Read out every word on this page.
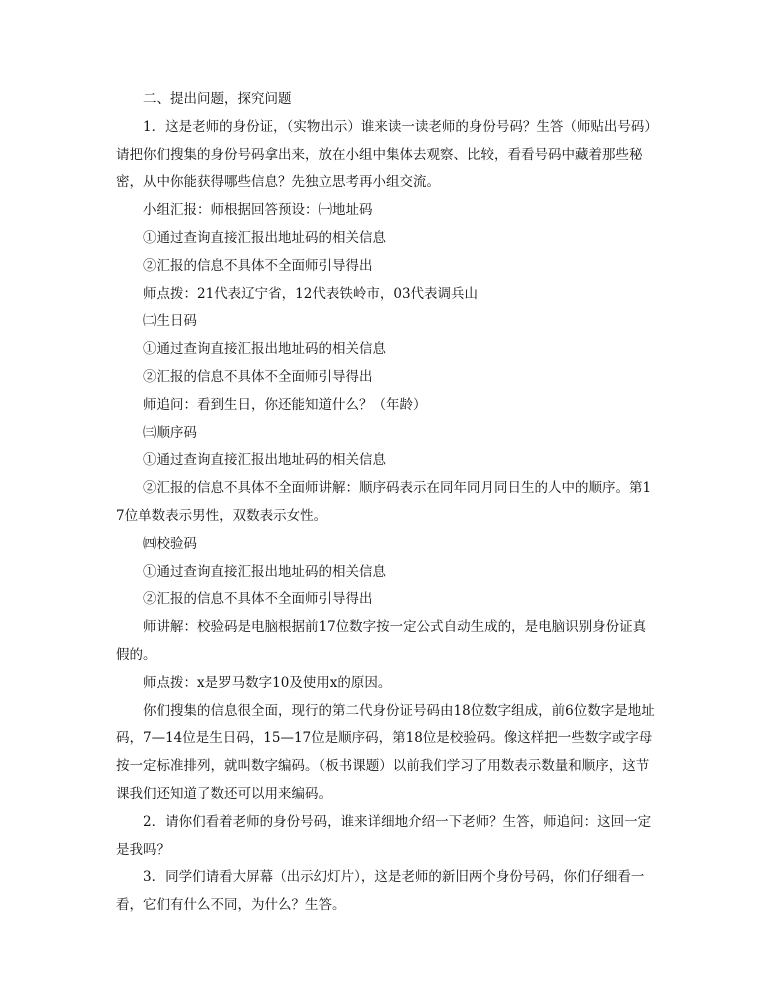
二、提出问题，探究问题

1．这是老师的身份证，（实物出示）谁来读一读老师的身份号码？生答（师贴出号码）请把你们搜集的身份号码拿出来，放在小组中集体去观察、比较，看看号码中藏着那些秘密，从中你能获得哪些信息？先独立思考再小组交流。

小组汇报：师根据回答预设：㈠地址码

①通过查询直接汇报出地址码的相关信息

②汇报的信息不具体不全面师引导得出

师点拨：21代表辽宁省，12代表铁岭市，03代表调兵山

㈡生日码

①通过查询直接汇报出地址码的相关信息

②汇报的信息不具体不全面师引导得出

师追问：看到生日，你还能知道什么？（年龄）

㈢顺序码

①通过查询直接汇报出地址码的相关信息

②汇报的信息不具体不全面师讲解：顺序码表示在同年同月同日生的人中的顺序。第17位单数表示男性，双数表示女性。

㈣校验码

①通过查询直接汇报出地址码的相关信息

②汇报的信息不具体不全面师引导得出

师讲解：校验码是电脑根据前17位数字按一定公式自动生成的，是电脑识别身份证真假的。

师点拨：x是罗马数字10及使用x的原因。

你们搜集的信息很全面，现行的第二代身份证号码由18位数字组成，前6位数字是地址码，7—14位是生日码，15—17位是顺序码，第18位是校验码。像这样把一些数字或字母按一定标准排列，就叫数字编码。（板书课题）以前我们学习了用数表示数量和顺序，这节课我们还知道了数还可以用来编码。

2．请你们看着老师的身份号码，谁来详细地介绍一下老师？生答，师追问：这回一定是我吗？

3．同学们请看大屏幕（出示幻灯片），这是老师的新旧两个身份号码，你们仔细看一看，它们有什么不同，为什么？生答。
